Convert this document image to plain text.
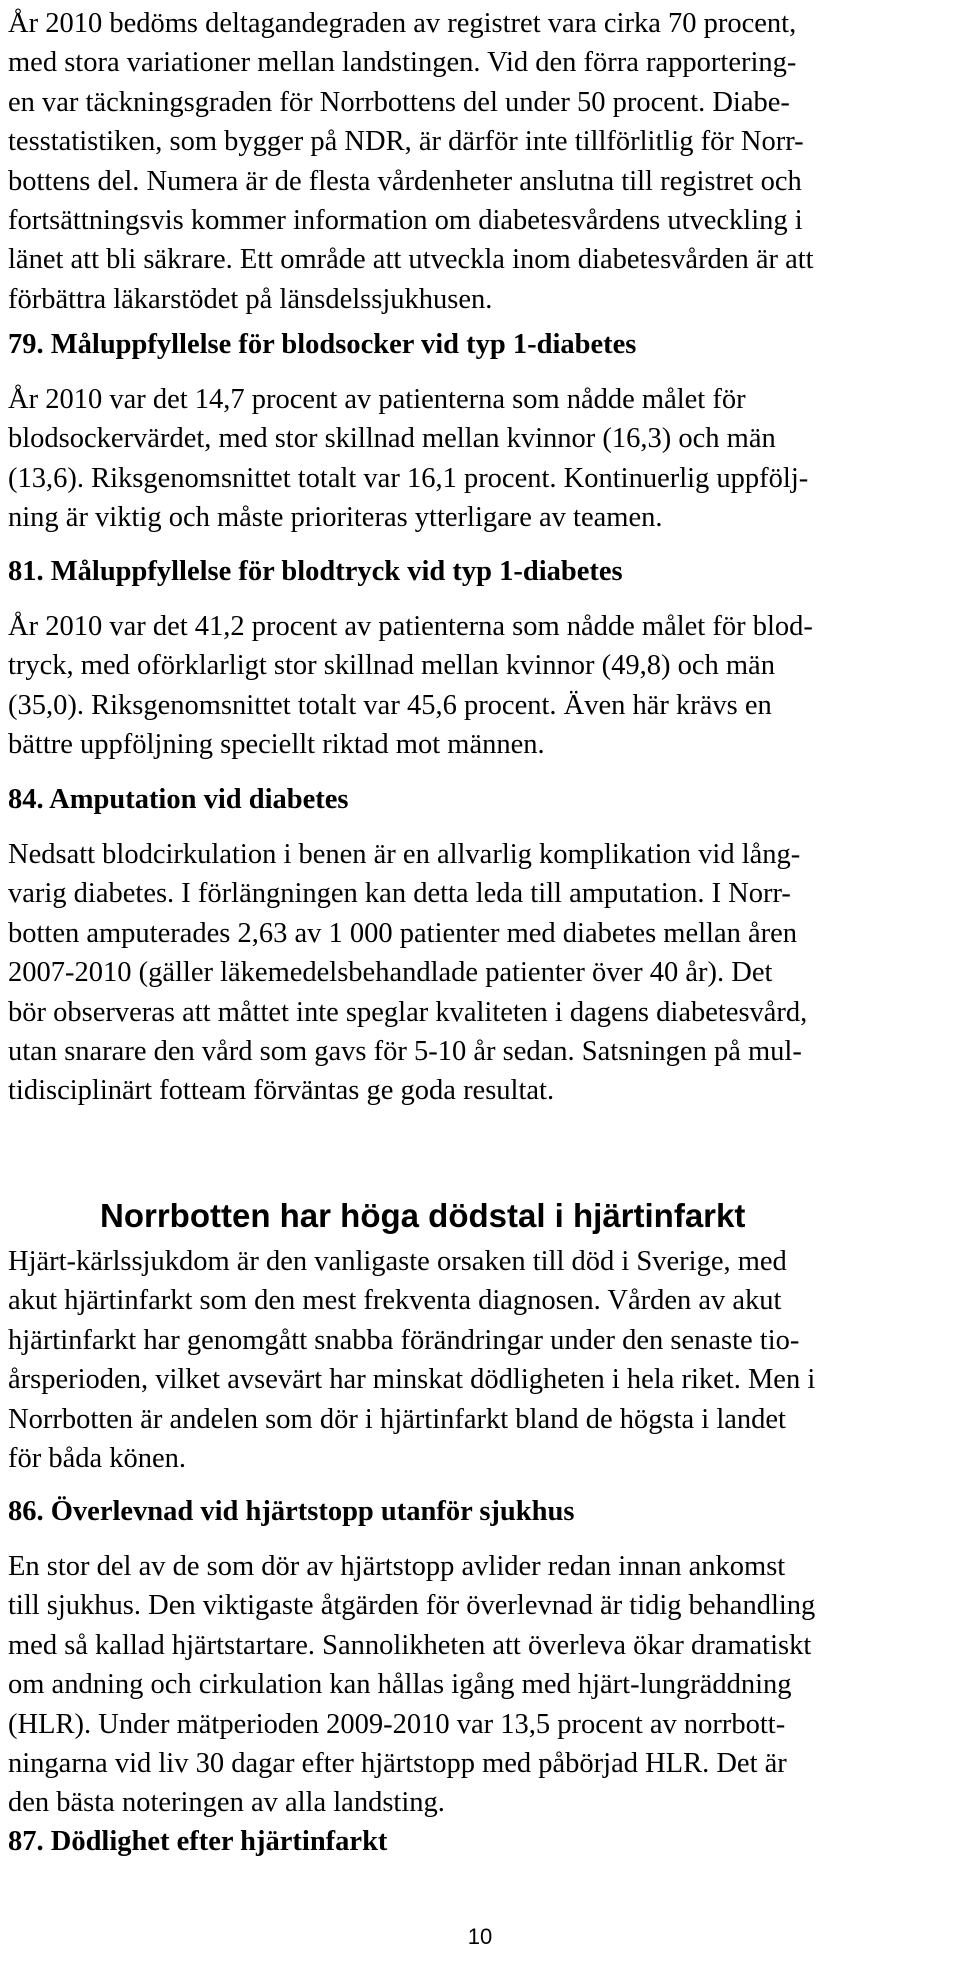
År 2010 bedöms deltagandegraden av registret vara cirka 70 procent,

med stora variationer mellan landstingen. Vid den förra rapportering-

en var täckningsgraden för Norrbottens del under 50 procent. Diabe-

tesstatistiken, som bygger på NDR, är därför inte tillförlitlig för Norr-

bottens del. Numera är de flesta vårdenheter anslutna till registret och

fortsättningsvis kommer information om diabetesvårdens utveckling i

länet att bli säkrare. Ett område att utveckla inom diabetesvården är att

förbättra läkarstödet på länsdelssjukhusen.

79. Måluppfyllelse för blodsocker vid typ 1-diabetes

År 2010 var det 14,7 procent av patienterna som nådde målet för

blodsockervärdet, med stor skillnad mellan kvinnor (16,3) och män

(13,6). Riksgenomsnittet totalt var 16,1 procent. Kontinuerlig uppfölj-

ning är viktig och måste prioriteras ytterligare av teamen.

81. Måluppfyllelse för blodtryck vid typ 1-diabetes

År 2010 var det 41,2 procent av patienterna som nådde målet för blod-

tryck, med oförklarligt stor skillnad mellan kvinnor (49,8) och män

(35,0). Riksgenomsnittet totalt var 45,6 procent. Även här krävs en

bättre uppföljning speciellt riktad mot männen.

84. Amputation vid diabetes

Nedsatt blodcirkulation i benen är en allvarlig komplikation vid lång-

varig diabetes. I förlängningen kan detta leda till amputation. I Norr-

botten amputerades 2,63 av 1 000 patienter med diabetes mellan åren

2007-2010 (gäller läkemedelsbehandlade patienter över 40 år). Det

bör observeras att måttet inte speglar kvaliteten i dagens diabetesvård,

utan snarare den vård som gavs för 5-10 år sedan. Satsningen på mul-

tidisciplinärt fotteam förväntas ge goda resultat.

Norrbotten har höga dödstal i hjärtinfarkt

Hjärt-kärlssjukdom är den vanligaste orsaken till död i Sverige, med

akut hjärtinfarkt som den mest frekventa diagnosen. Vården av akut

hjärtinfarkt har genomgått snabba förändringar under den senaste tio-

årsperioden, vilket avsevärt har minskat dödligheten i hela riket. Men i

Norrbotten är andelen som dör i hjärtinfarkt bland de högsta i landet

för båda könen.

86. Överlevnad vid hjärtstopp utanför sjukhus

En stor del av de som dör av hjärtstopp avlider redan innan ankomst

till sjukhus. Den viktigaste åtgärden för överlevnad är tidig behandling

med så kallad hjärtstartare. Sannolikheten att överleva ökar dramatiskt

om andning och cirkulation kan hållas igång med hjärt-lungräddning

(HLR). Under mätperioden 2009-2010 var 13,5 procent av norrbott-

ningarna vid liv 30 dagar efter hjärtstopp med påbörjad HLR. Det är

den bästa noteringen av alla landsting.

87. Dödlighet efter hjärtinfarkt

10
